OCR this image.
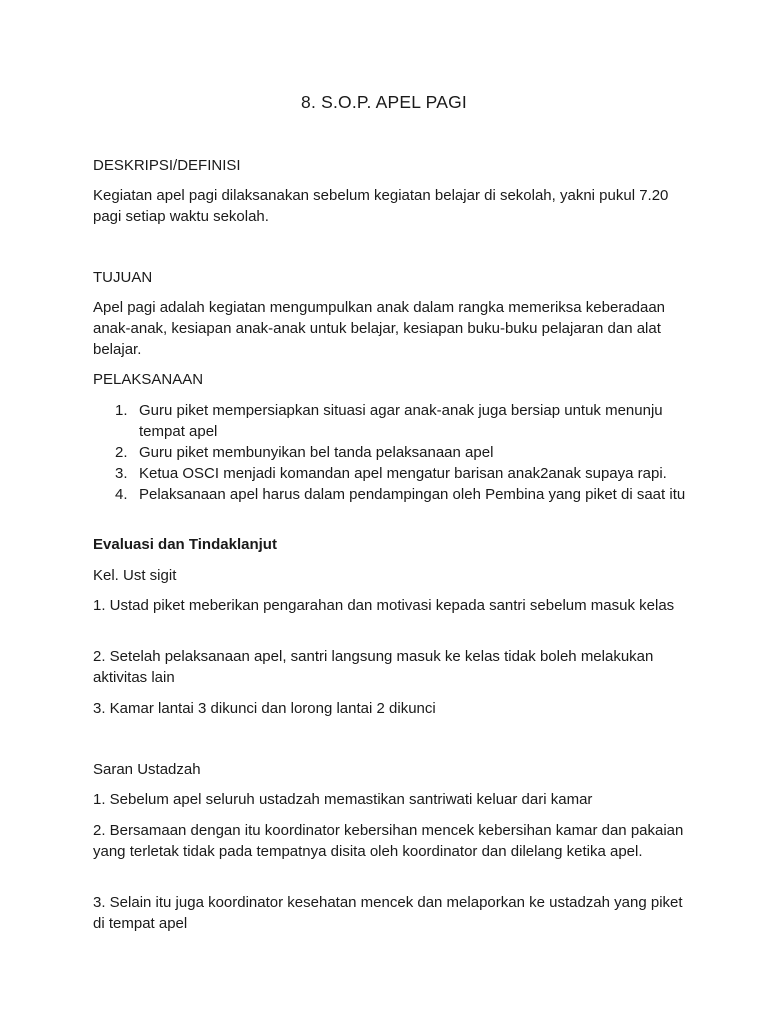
8. S.O.P. APEL PAGI

DESKRIPSI/DEFINISI

Kegiatan apel pagi dilaksanakan sebelum kegiatan belajar di sekolah, yakni pukul 7.20 pagi setiap waktu sekolah.

TUJUAN

Apel pagi adalah kegiatan mengumpulkan anak dalam rangka memeriksa keberadaan anak-anak, kesiapan anak-anak untuk belajar, kesiapan buku-buku pelajaran dan alat belajar.

PELAKSANAAN

1. Guru piket mempersiapkan situasi agar anak-anak juga bersiap untuk menunju tempat apel
2. Guru piket membunyikan bel tanda pelaksanaan apel
3. Ketua OSCI menjadi komandan apel mengatur barisan anak2anak supaya rapi.
4. Pelaksanaan apel harus dalam pendampingan oleh Pembina yang piket di saat itu

Evaluasi dan Tindaklanjut

Kel. Ust sigit

1. Ustad piket meberikan pengarahan dan motivasi kepada santri sebelum masuk kelas

2. Setelah pelaksanaan apel, santri langsung masuk ke kelas tidak boleh melakukan aktivitas lain

3. Kamar lantai 3 dikunci dan lorong lantai 2 dikunci

Saran Ustadzah

1. Sebelum apel seluruh ustadzah memastikan santriwati keluar dari kamar

2. Bersamaan dengan itu koordinator kebersihan mencek kebersihan kamar dan pakaian yang terletak tidak pada tempatnya disita oleh koordinator dan dilelang ketika apel.

3. Selain itu juga koordinator kesehatan mencek dan melaporkan ke ustadzah yang piket di tempat apel
